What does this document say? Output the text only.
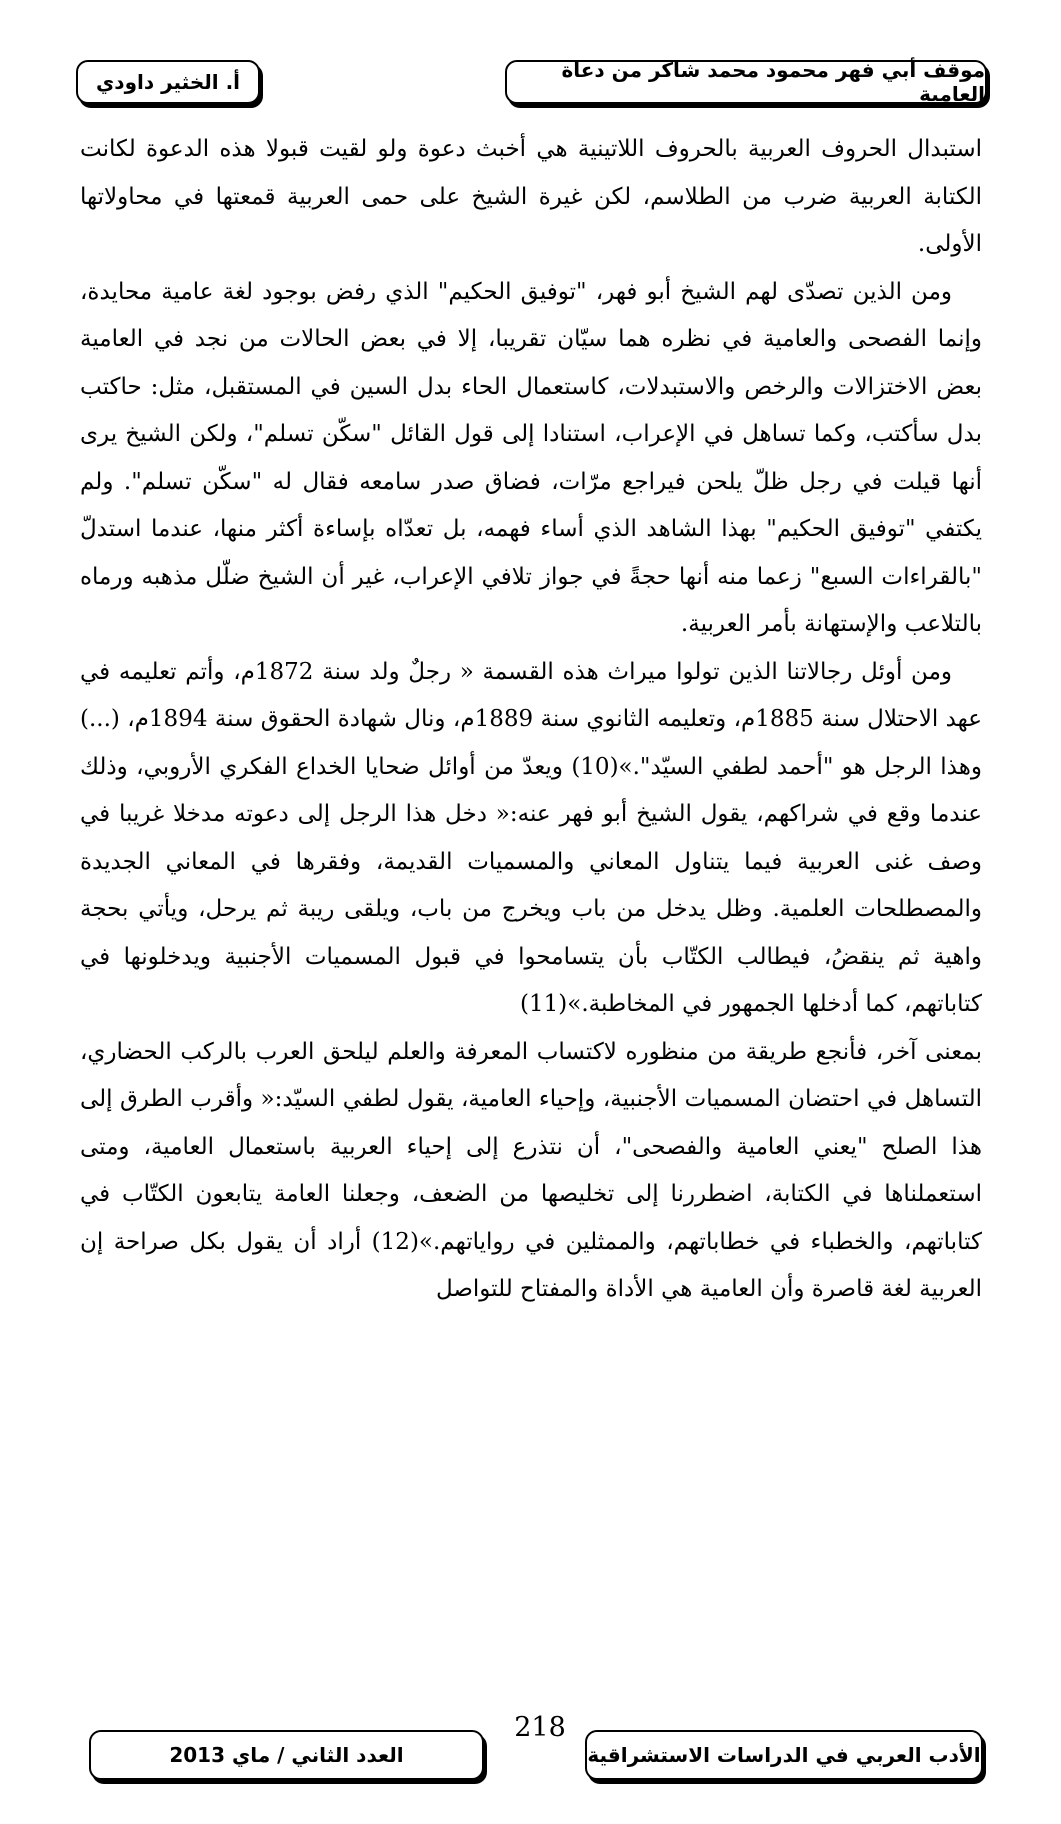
موقف أبي فهر محمود محمد شاكر من دعاة العامية
أ. الخثير داودي

استبدال الحروف العربية بالحروف اللاتينية هي أخبث دعوة ولو لقيت قبولا هذه الدعوة لكانت الكتابة العربية ضرب من الطلاسم، لكن غيرة الشيخ على حمى العربية قمعتها في محاولاتها الأولى.

ومن الذين تصدّى لهم الشيخ أبو فهر، "توفيق الحكيم" الذي رفض بوجود لغة عامية محايدة، وإنما الفصحى والعامية في نظره هما سيّان تقريبا، إلا في بعض الحالات من نجد في العامية بعض الاختزالات والرخص والاستبدلات، كاستعمال الحاء بدل السين في المستقبل، مثل: حاكتب بدل سأكتب، وكما تساهل في الإعراب، استنادا إلى قول القائل "سكّن تسلم"، ولكن الشيخ يرى أنها قيلت في رجل ظلّ يلحن فيراجع مرّات، فضاق صدر سامعه فقال له "سكّن تسلم". ولم يكتفي "توفيق الحكيم" بهذا الشاهد الذي أساء فهمه، بل تعدّاه بإساءة أكثر منها، عندما استدلّ "بالقراءات السبع" زعما منه أنها حجةً في جواز تلافي الإعراب، غير أن الشيخ ضلّل مذهبه ورماه بالتلاعب والإستهانة بأمر العربية.

ومن أوئل رجالاتنا الذين تولوا ميراث هذه القسمة « رجلٌ ولد سنة 1872م، وأتم تعليمه في عهد الاحتلال سنة 1885م، وتعليمه الثانوي سنة 1889م، ونال شهادة الحقوق سنة 1894م، (...) وهذا الرجل هو "أحمد لطفي السيّد".»(10) ويعدّ من أوائل ضحايا الخداع الفكري الأروبي، وذلك عندما وقع في شراكهم، يقول الشيخ أبو فهر عنه:« دخل هذا الرجل إلى دعوته مدخلا غريبا في وصف غنى العربية فيما يتناول المعاني والمسميات القديمة، وفقرها في المعاني الجديدة والمصطلحات العلمية. وظل يدخل من باب ويخرج من باب، ويلقى ريبة ثم يرحل، ويأتي بحجة واهية ثم ينقضُ، فيطالب الكتّاب بأن يتسامحوا في قبول المسميات الأجنبية ويدخلونها في كتاباتهم، كما أدخلها الجمهور في المخاطبة.»(11)

بمعنى آخر، فأنجع طريقة من منظوره لاكتساب المعرفة والعلم ليلحق العرب بالركب الحضاري، التساهل في احتضان المسميات الأجنبية، وإحياء العامية، يقول لطفي السيّد:« وأقرب الطرق إلى هذا الصلح "يعني العامية والفصحى"، أن نتذرع إلى إحياء العربية باستعمال العامية، ومتى استعملناها في الكتابة، اضطررنا إلى تخليصها من الضعف، وجعلنا العامة يتابعون الكتّاب في كتاباتهم، والخطباء في خطاباتهم، والممثلين في رواياتهم.»(12) أراد أن يقول بكل صراحة إن العربية لغة قاصرة وأن العامية هي الأداة والمفتاح للتواصل

الأدب العربي في الدراسات الاستشراقية
218
العدد الثاني / ماي 2013
